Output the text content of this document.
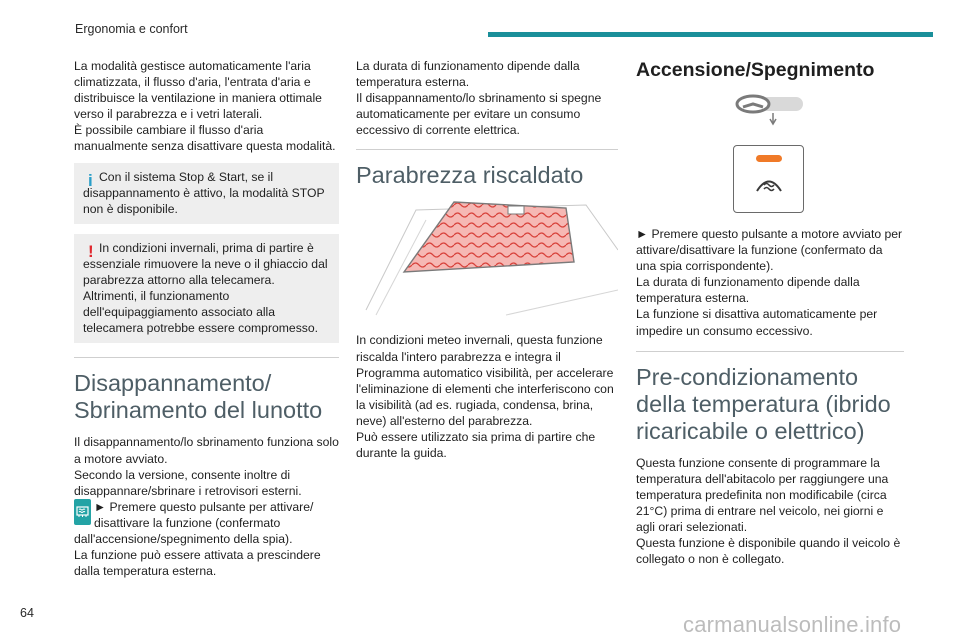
Ergonomia e confort

La modalità gestisce automaticamente l'aria climatizzata, il flusso d'aria, l'entrata d'aria e distribuisce la ventilazione in maniera ottimale verso il parabrezza e i vetri laterali.

È possibile cambiare il flusso d'aria manualmente senza disattivare questa modalità.

i Con il sistema Stop & Start, se il disappannamento è attivo, la modalità STOP non è disponibile.

! In condizioni invernali, prima di partire è essenziale rimuovere la neve o il ghiaccio dal parabrezza attorno alla telecamera.

Altrimenti, il funzionamento dell'equipaggiamento associato alla telecamera potrebbe essere compromesso.

Disappannamento/ Sbrinamento del lunotto

Il disappannamento/lo sbrinamento funziona solo a motore avviato.

Secondo la versione, consente inoltre di disappannare/sbrinare i retrovisori esterni.

► Premere questo pulsante per attivare/ disattivare la funzione (confermato dall'accensione/spegnimento della spia).

La funzione può essere attivata a prescindere dalla temperatura esterna.

La durata di funzionamento dipende dalla temperatura esterna.

Il disappannamento/lo sbrinamento si spegne automaticamente per evitare un consumo eccessivo di corrente elettrica.

Parabrezza riscaldato

In condizioni meteo invernali, questa funzione riscalda l'intero parabrezza e integra il Programma automatico visibilità, per accelerare l'eliminazione di elementi che interferiscono con la visibilità (ad es. rugiada, condensa, brina, neve) all'esterno del parabrezza.

Può essere utilizzato sia prima di partire che durante la guida.

Accensione/Spegnimento

► Premere questo pulsante a motore avviato per attivare/disattivare la funzione (confermato da una spia corrispondente).

La durata di funzionamento dipende dalla temperatura esterna.

La funzione si disattiva automaticamente per impedire un consumo eccessivo.

Pre-condizionamento della temperatura (ibrido ricaricabile o elettrico)

Questa funzione consente di programmare la temperatura dell'abitacolo per raggiungere una temperatura predefinita non modificabile (circa 21°C) prima di entrare nel veicolo, nei giorni e agli orari selezionati.

Questa funzione è disponibile quando il veicolo è collegato o non è collegato.

64	carmanualsonline.info
